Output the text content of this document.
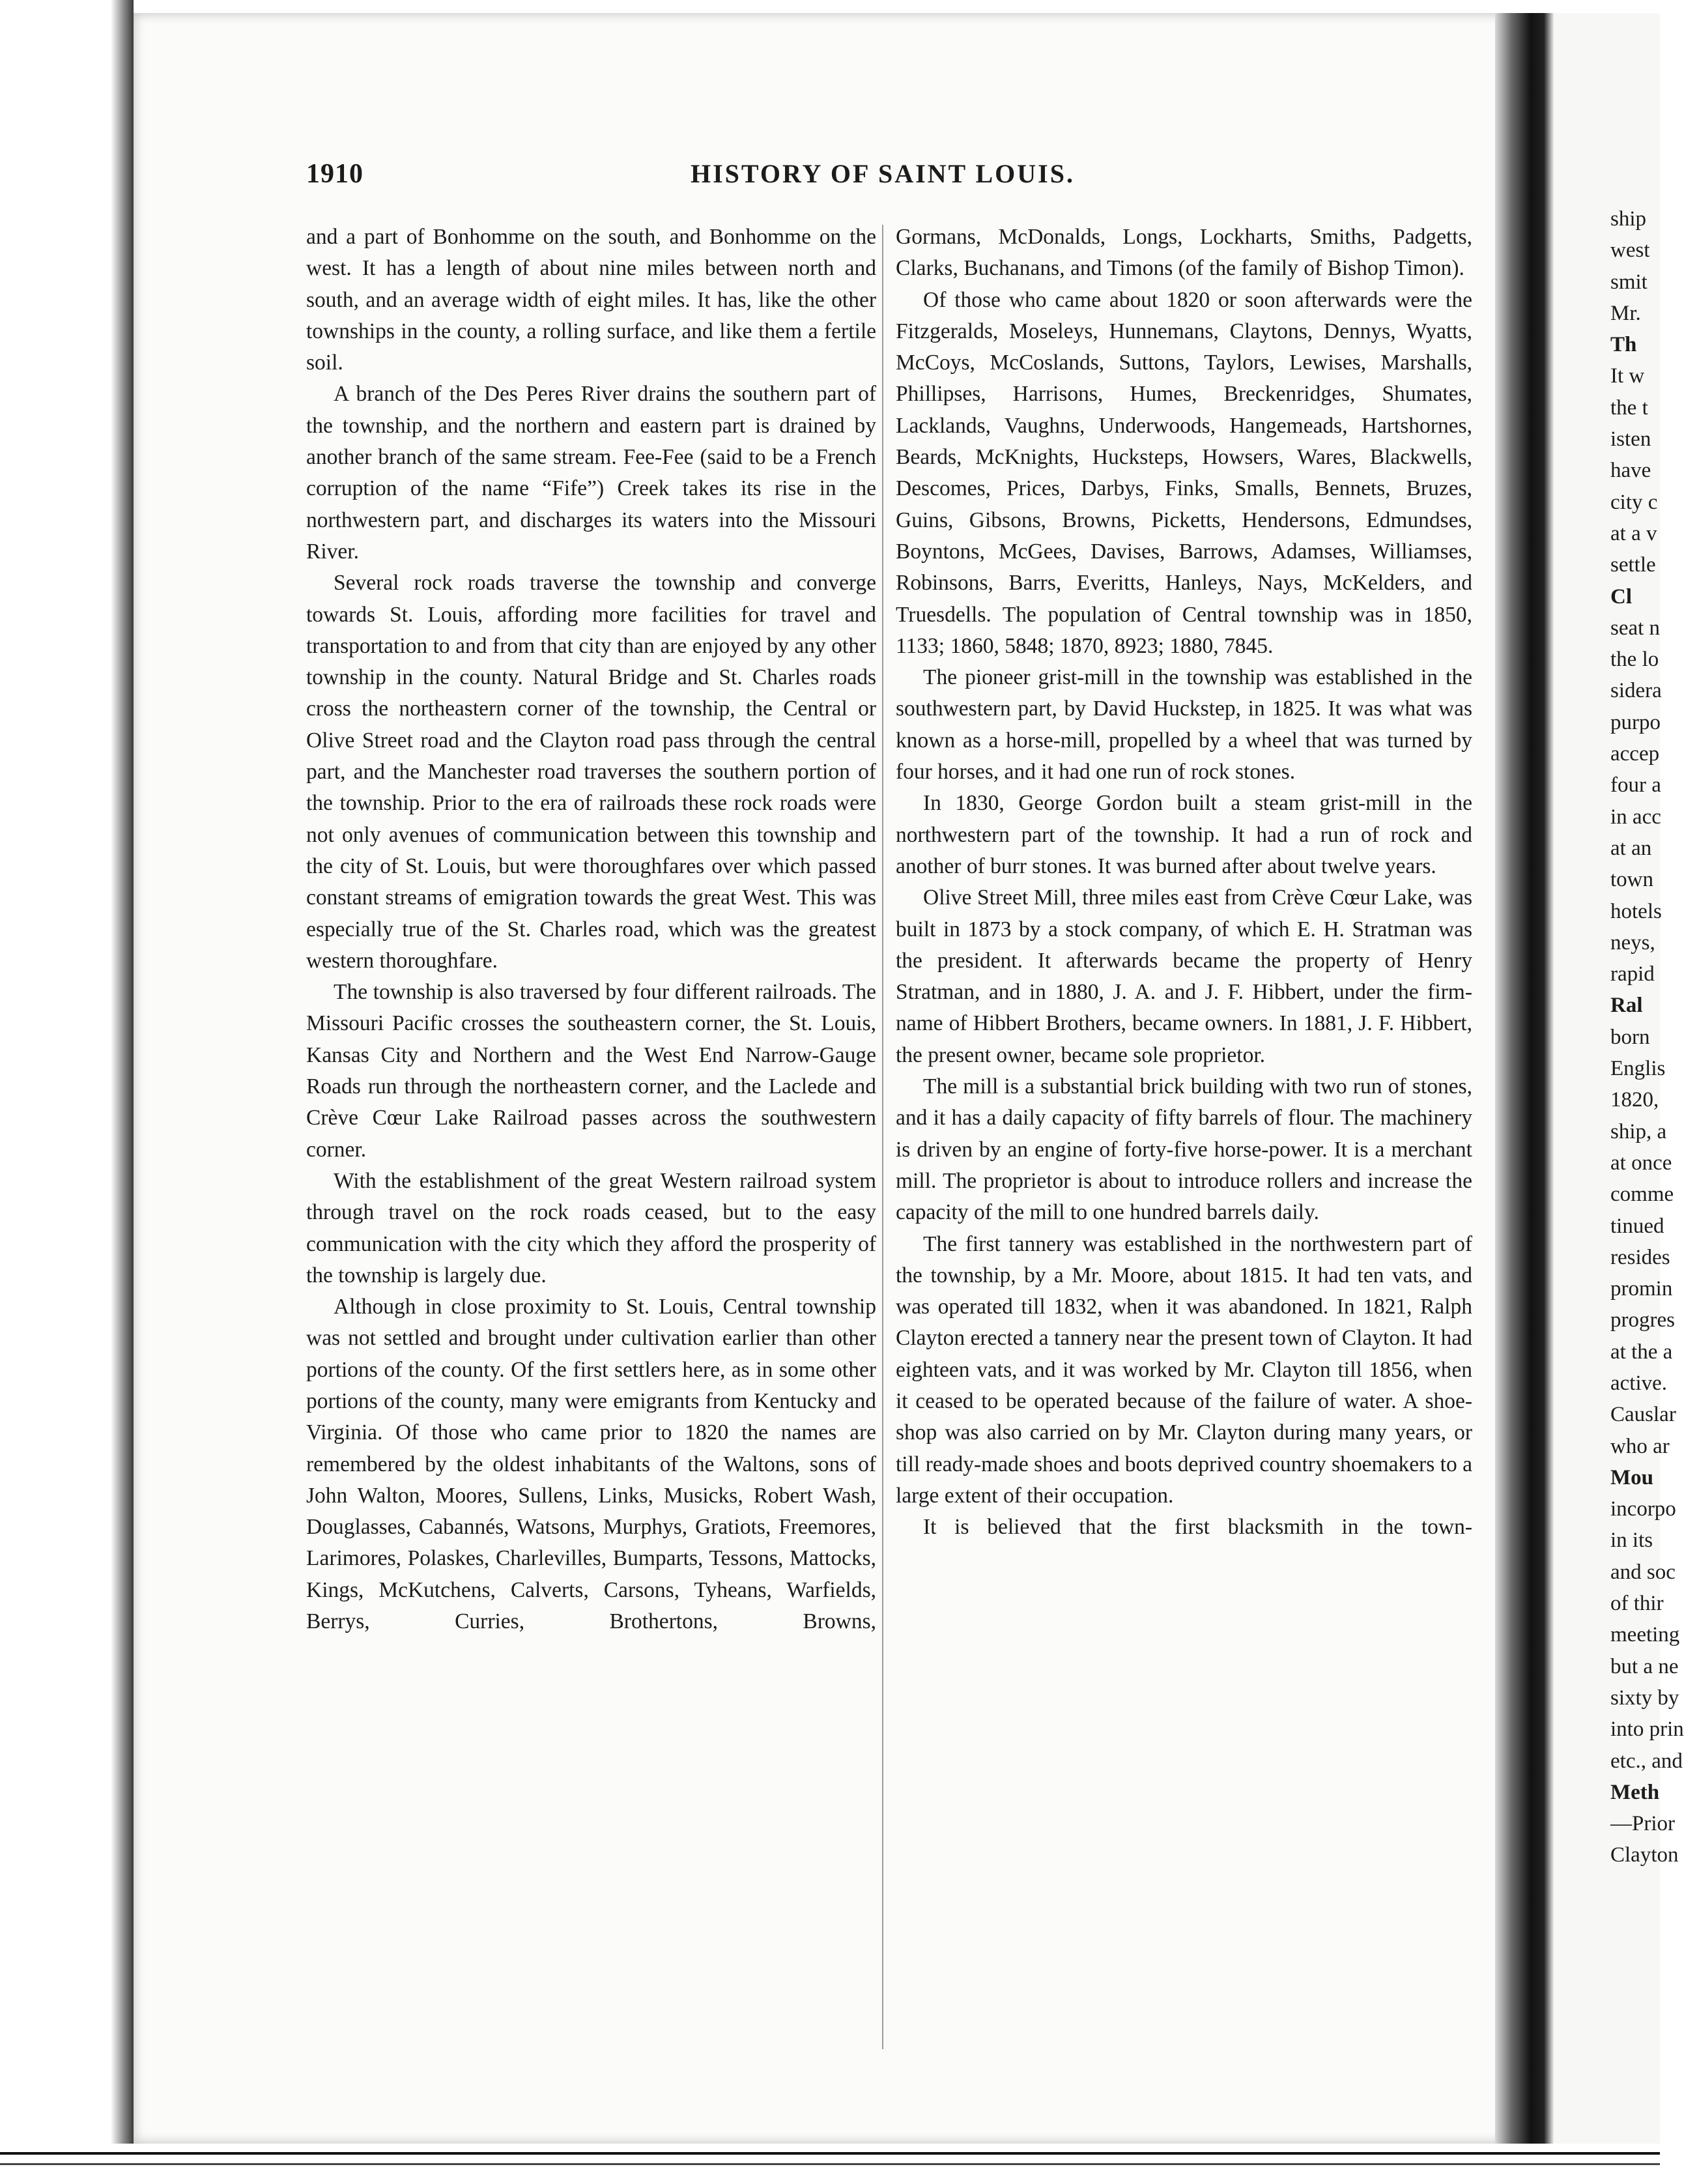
1910	HISTORY OF SAINT LOUIS.

and a part of Bonhomme on the south, and Bonhomme on the west. It has a length of about nine miles between north and south, and an average width of eight miles. It has, like the other townships in the county, a rolling surface, and like them a fertile soil.

A branch of the Des Peres River drains the southern part of the township, and the northern and eastern part is drained by another branch of the same stream. Fee-Fee (said to be a French corruption of the name “Fife”) Creek takes its rise in the northwestern part, and discharges its waters into the Missouri River.

Several rock roads traverse the township and converge towards St. Louis, affording more facilities for travel and transportation to and from that city than are enjoyed by any other township in the county. Natural Bridge and St. Charles roads cross the northeastern corner of the township, the Central or Olive Street road and the Clayton road pass through the central part, and the Manchester road traverses the southern portion of the township. Prior to the era of railroads these rock roads were not only avenues of communication between this township and the city of St. Louis, but were thoroughfares over which passed constant streams of emigration towards the great West. This was especially true of the St. Charles road, which was the greatest western thoroughfare.

The township is also traversed by four different railroads. The Missouri Pacific crosses the southeastern corner, the St. Louis, Kansas City and Northern and the West End Narrow-Gauge Roads run through the northeastern corner, and the Laclede and Crève Cœur Lake Railroad passes across the southwestern corner.

With the establishment of the great Western railroad system through travel on the rock roads ceased, but to the easy communication with the city which they afford the prosperity of the township is largely due.

Although in close proximity to St. Louis, Central township was not settled and brought under cultivation earlier than other portions of the county. Of the first settlers here, as in some other portions of the county, many were emigrants from Kentucky and Virginia. Of those who came prior to 1820 the names are remembered by the oldest inhabitants of the Waltons, sons of John Walton, Moores, Sullens, Links, Musicks, Robert Wash, Douglasses, Cabannés, Watsons, Murphys, Gratiots, Freemores, Larimores, Polaskes, Charlevilles, Bumparts, Tessons, Mattocks, Kings, McKutchens, Calverts, Carsons, Tyheans, Warfields, Berrys, Curries, Brothertons, Browns,

Gormans, McDonalds, Longs, Lockharts, Smiths, Padgetts, Clarks, Buchanans, and Timons (of the family of Bishop Timon).

Of those who came about 1820 or soon afterwards were the Fitzgeralds, Moseleys, Hunnemans, Claytons, Dennys, Wyatts, McCoys, McCoslands, Suttons, Taylors, Lewises, Marshalls, Phillipses, Harrisons, Humes, Breckenridges, Shumates, Lacklands, Vaughns, Underwoods, Hangemeads, Hartshornes, Beards, McKnights, Hucksteps, Howsers, Wares, Blackwells, Descomes, Prices, Darbys, Finks, Smalls, Bennets, Bruzes, Guins, Gibsons, Browns, Picketts, Hendersons, Edmundses, Boyntons, McGees, Davises, Barrows, Adamses, Williamses, Robinsons, Barrs, Everitts, Hanleys, Nays, McKelders, and Truesdells. The population of Central township was in 1850, 1133; 1860, 5848; 1870, 8923; 1880, 7845.

The pioneer grist-mill in the township was established in the southwestern part, by David Huckstep, in 1825. It was what was known as a horse-mill, propelled by a wheel that was turned by four horses, and it had one run of rock stones.

In 1830, George Gordon built a steam grist-mill in the northwestern part of the township. It had a run of rock and another of burr stones. It was burned after about twelve years.

Olive Street Mill, three miles east from Crève Cœur Lake, was built in 1873 by a stock company, of which E. H. Stratman was the president. It afterwards became the property of Henry Stratman, and in 1880, J. A. and J. F. Hibbert, under the firm-name of Hibbert Brothers, became owners. In 1881, J. F. Hibbert, the present owner, became sole proprietor.

The mill is a substantial brick building with two run of stones, and it has a daily capacity of fifty barrels of flour. The machinery is driven by an engine of forty-five horse-power. It is a merchant mill. The proprietor is about to introduce rollers and increase the capacity of the mill to one hundred barrels daily.

The first tannery was established in the northwestern part of the township, by a Mr. Moore, about 1815. It had ten vats, and was operated till 1832, when it was abandoned. In 1821, Ralph Clayton erected a tannery near the present town of Clayton. It had eighteen vats, and it was worked by Mr. Clayton till 1856, when it ceased to be operated because of the failure of water. A shoe-shop was also carried on by Mr. Clayton during many years, or till ready-made shoes and boots deprived country shoemakers to a large extent of their occupation.

It is believed that the first blacksmith in the town-

ship
west
smit
Mr.
Th
It w
the t
isten
have
city c
at a v
settle
Cl
seat n
the lo
sidera
purpo
accep
four a
in acc
at an
town
hotels
neys,
rapid
Ral
born
Englis
1820,
ship, a
at once
comme
tinued
resides
promin
progres
at the a
active.
Causlar
who ar
Mou
incorpo
in its
and soc
of thir
meeting
but a ne
sixty by
into prin
etc., and
Meth
—Prior
Clayton
